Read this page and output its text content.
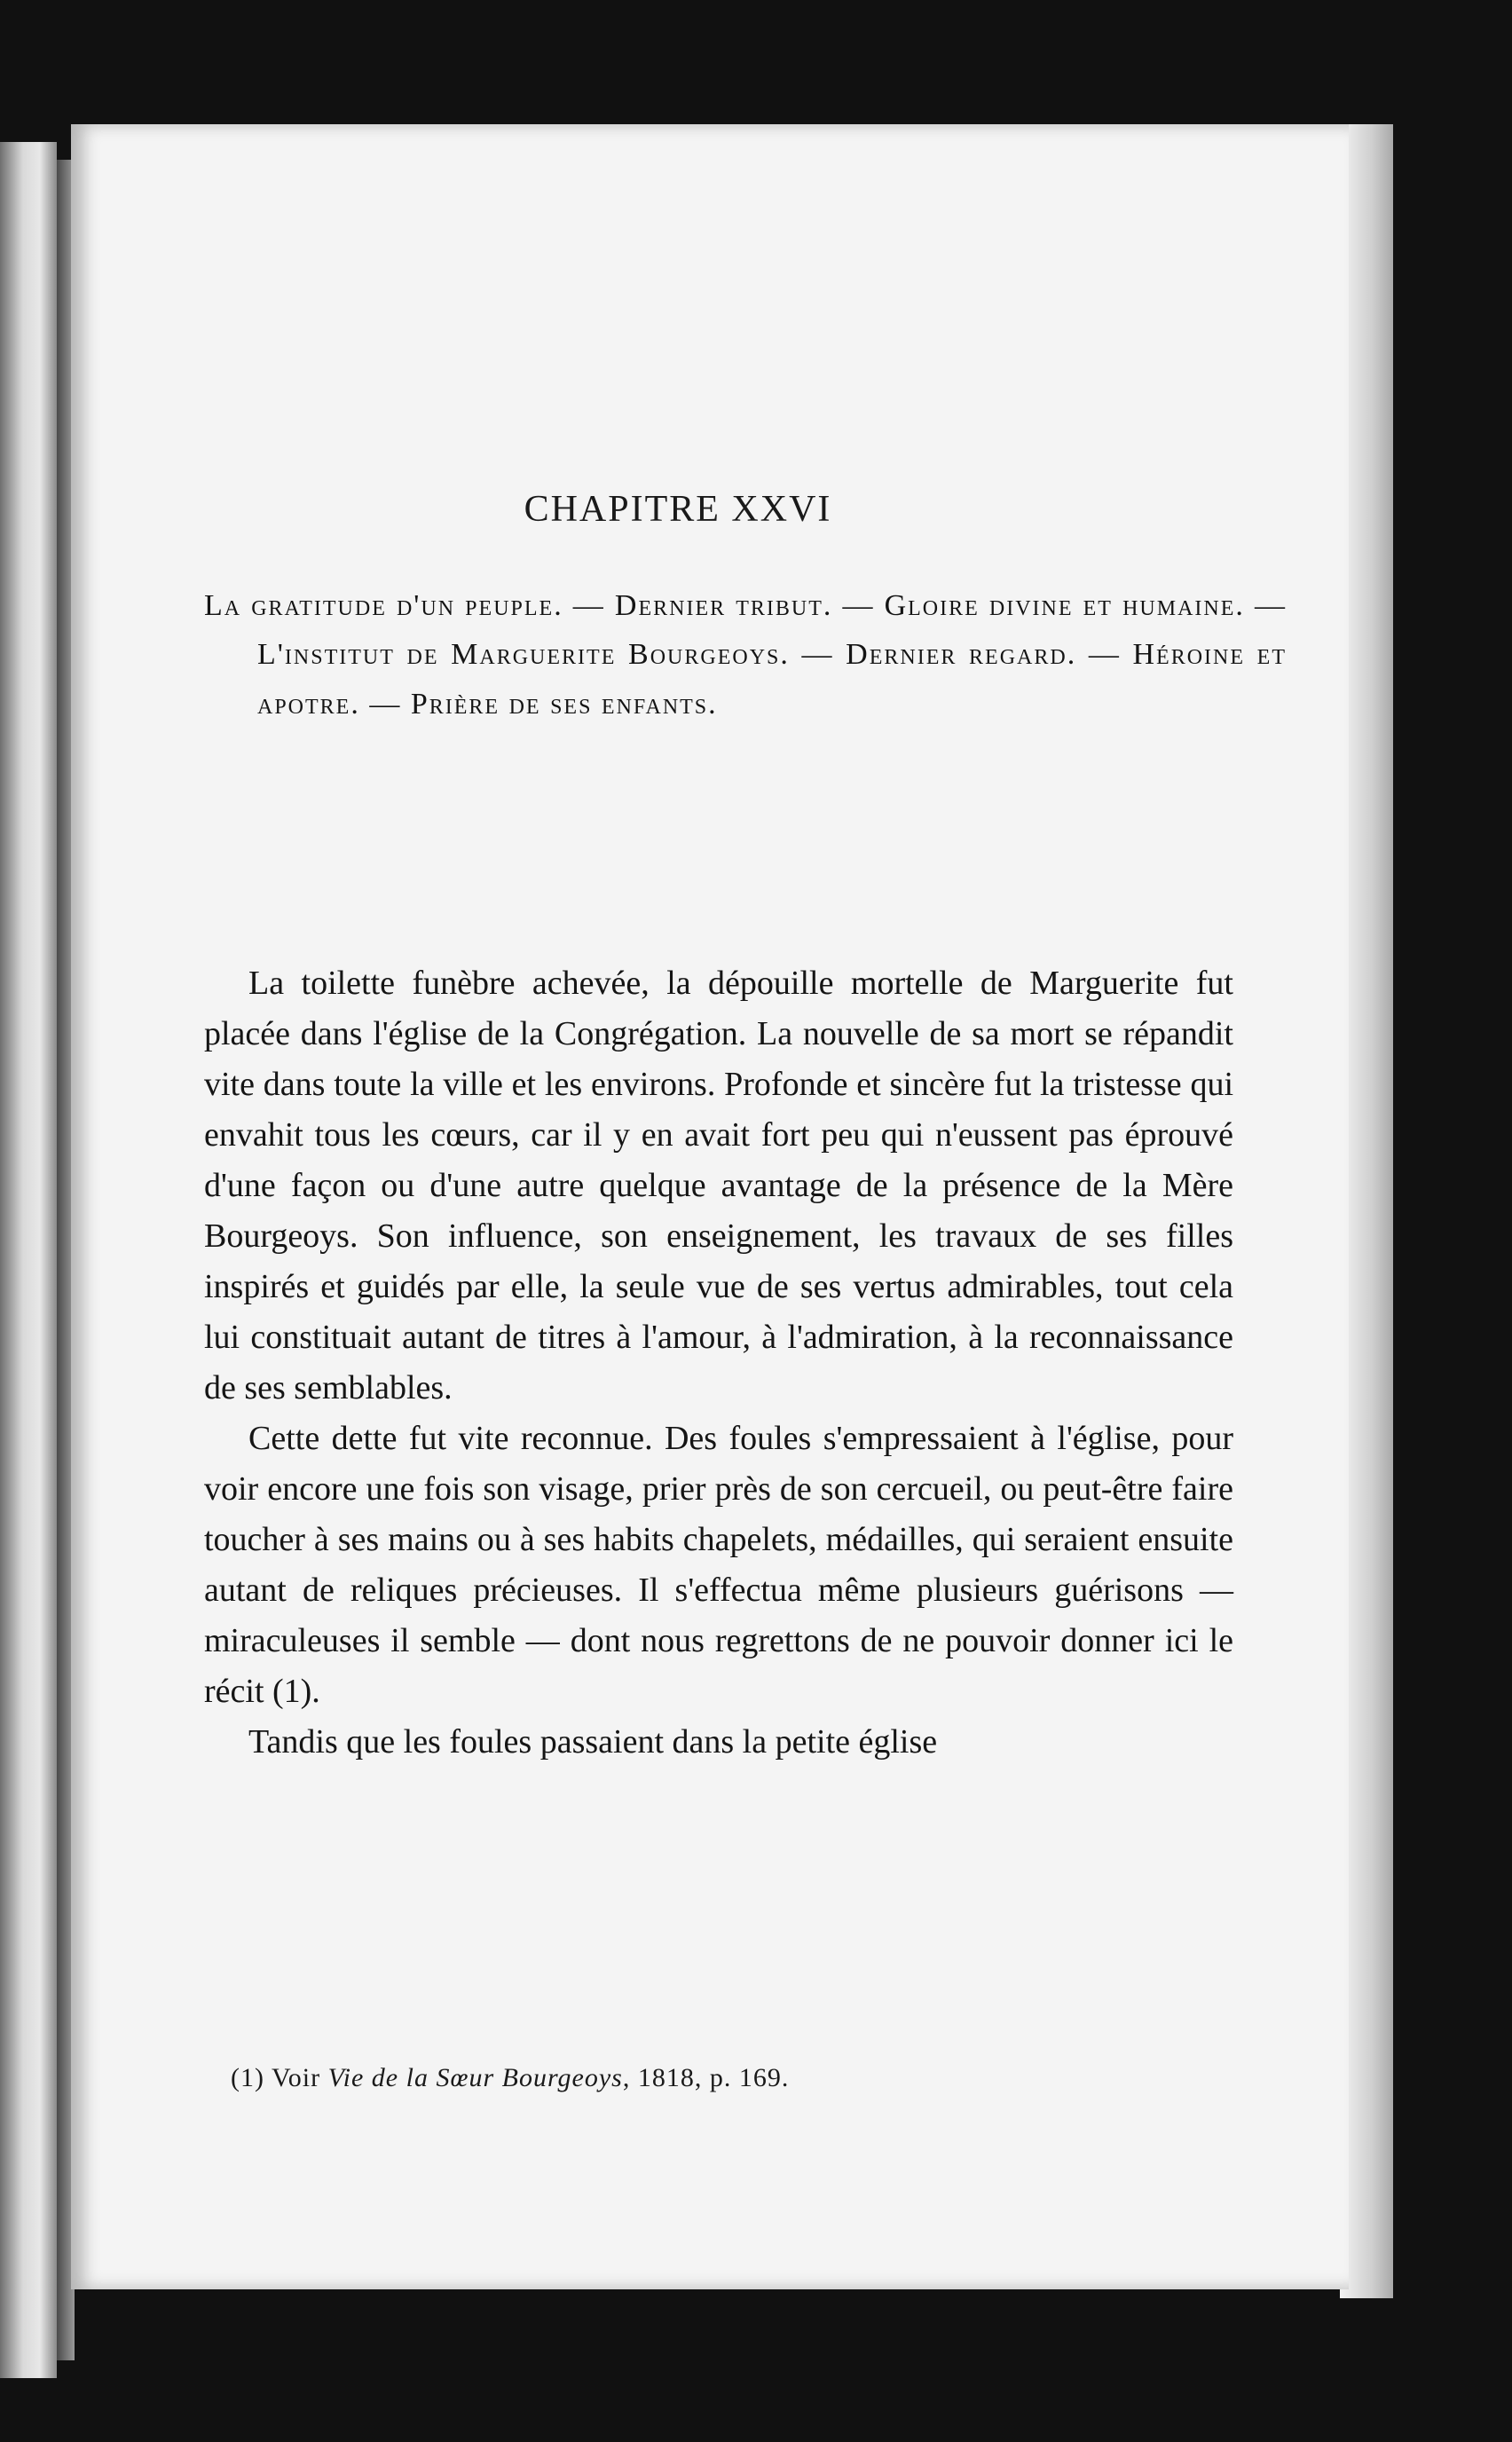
CHAPITRE XXVI
La gratitude d'un peuple. — Dernier tribut. — Gloire divine et humaine. — L'institut de Marguerite Bourgeoys. — Dernier regard. — Héroine et apotre. — Prière de ses enfants.

La toilette funèbre achevée, la dépouille mortelle de Marguerite fut placée dans l'église de la Congrégation. La nouvelle de sa mort se répandit vite dans toute la ville et les environs. Profonde et sincère fut la tristesse qui envahit tous les cœurs, car il y en avait fort peu qui n'eussent pas éprouvé d'une façon ou d'une autre quelque avantage de la présence de la Mère Bourgeoys. Son influence, son enseignement, les travaux de ses filles inspirés et guidés par elle, la seule vue de ses vertus admirables, tout cela lui constituait autant de titres à l'amour, à l'admiration, à la reconnaissance de ses semblables.

Cette dette fut vite reconnue. Des foules s'empressaient à l'église, pour voir encore une fois son visage, prier près de son cercueil, ou peut-être faire toucher à ses mains ou à ses habits chapelets, médailles, qui seraient ensuite autant de reliques précieuses. Il s'effectua même plusieurs guérisons — miraculeuses il semble — dont nous regrettons de ne pouvoir donner ici le récit (1).

Tandis que les foules passaient dans la petite église

(1) Voir Vie de la Sœur Bourgeoys, 1818, p. 169.
